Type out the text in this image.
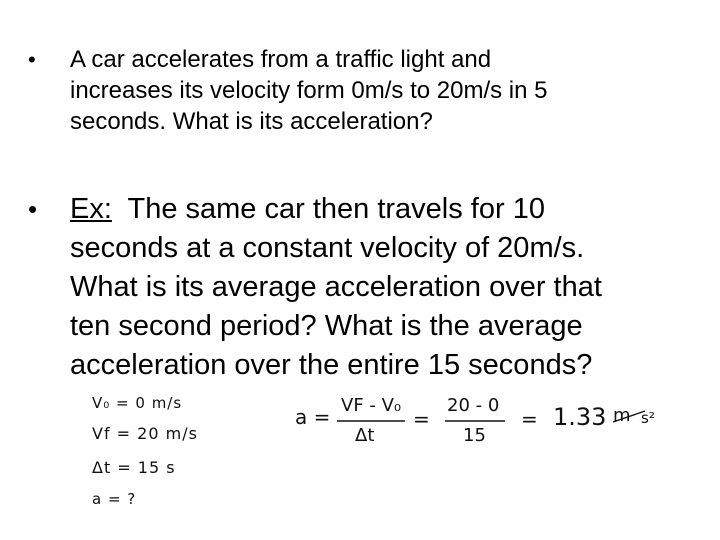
• A car accelerates from a traffic light and
increases its velocity form 0m/s to 20m/s in 5
seconds. What is its acceleration?
• Ex:  The same car then travels for 10
seconds at a constant velocity of 20m/s.
What is its average acceleration over that
ten second period? What is the average
acceleration over the entire 15 seconds?
V₀ = 0 m/s
Vf = 20 m/s
Δt = 15 s
a = ?
a = VF - V₀
Δt
=
20 - 0
15
= 1.33 m s²
